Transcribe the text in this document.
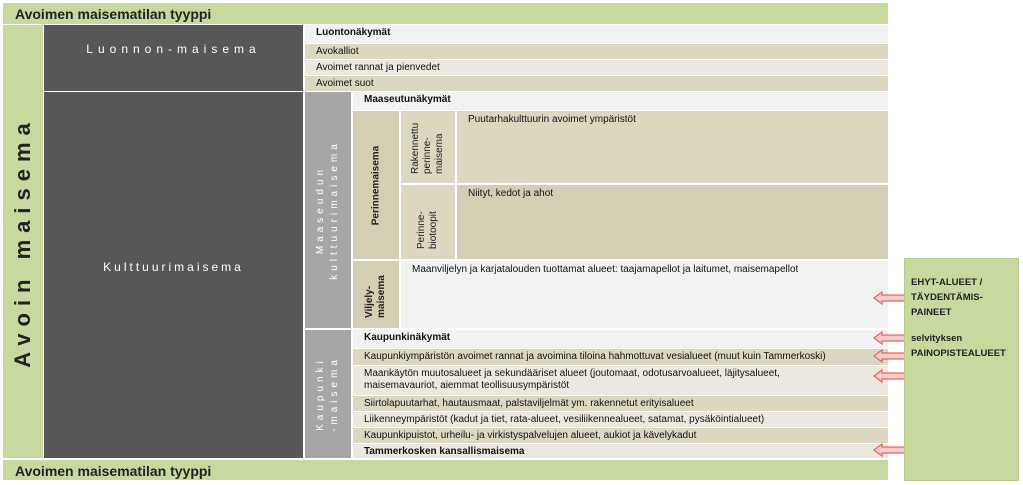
Avoimen maisematilan tyyppi
Avoin maisema
Luonnon-maisema
Kulttuurimaisema
Luontonäkymät
Avokalliot
Avoimet rannat ja pienvedet
Avoimet suot
Maaseudun kulttuurimaisema
Maaseutunäkymät
Perinnemaisema	Rakennettu perinne-maisema
Puutarhakulttuurin avoimet ympäristöt
Perinne-biotoopit
Niityt, kedot ja ahot
Viljely-maisema
Maanviljelyn ja karjatalouden tuottamat alueet: taajamapellot ja laitumet, maisemapellot
Kaupunki -maisema
Kaupunkinäkymät
Kaupunkiympäristön avoimet rannat ja avoimina tiloina hahmottuvat vesialueet (muut kuin Tammerkoski)
Maankäytön muutosalueet ja sekundääriset alueet (joutomaat, odotusarvoalueet, läjitysalueet, maisemavauriot, aiemmat teollisuusympäristöt
Siirtolapuutarhat, hautausmaat, palstaviljelmät ym. rakennetut erityisalueet
Liikenneympäristöt (kadut ja tiet, rata-alueet, vesiliikennealueet, satamat, pysäköintialueet)
Kaupunkipuistot, urheilu- ja virkistyspalvelujen alueet, aukiot ja kävelykadut
Tammerkosken kansallismaisema
Avoimen maisematilan tyyppi
EHYT-ALUEET /
TÄYDENTÄMIS-
PAINEET
selvityksen
PAINOPISTEALUEET
